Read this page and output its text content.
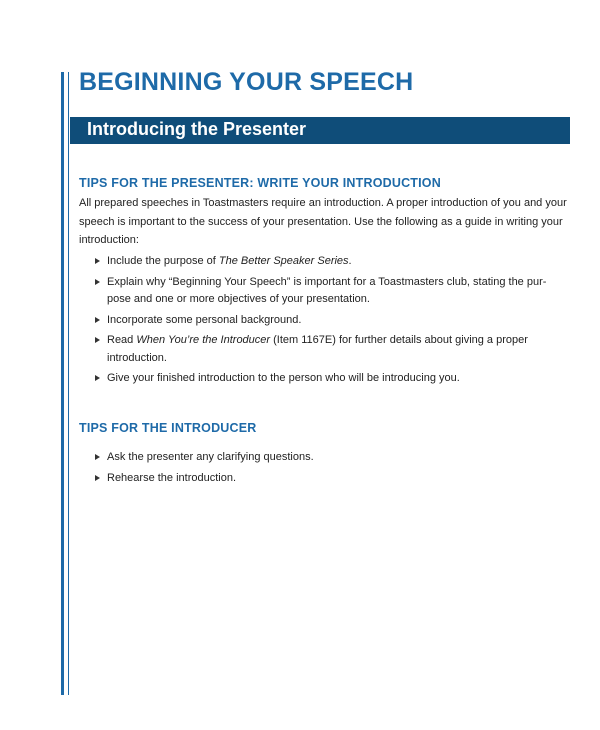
BEGINNING YOUR SPEECH
Introducing the Presenter
TIPS FOR THE PRESENTER: WRITE YOUR INTRODUCTION

All prepared speeches in Toastmasters require an introduction. A proper introduction of you and your speech is important to the success of your presentation. Use the following as a guide in writing your introduction:

Include the purpose of The Better Speaker Series.
Explain why “Beginning Your Speech” is important for a Toastmasters club, stating the pur-
pose and one or more objectives of your presentation.
Incorporate some personal background.
Read When You’re the Introducer (Item 1167E) for further details about giving a proper introduction.
Give your finished introduction to the person who will be introducing you.
TIPS FOR THE INTRODUCER
Ask the presenter any clarifying questions.
Rehearse the introduction.
